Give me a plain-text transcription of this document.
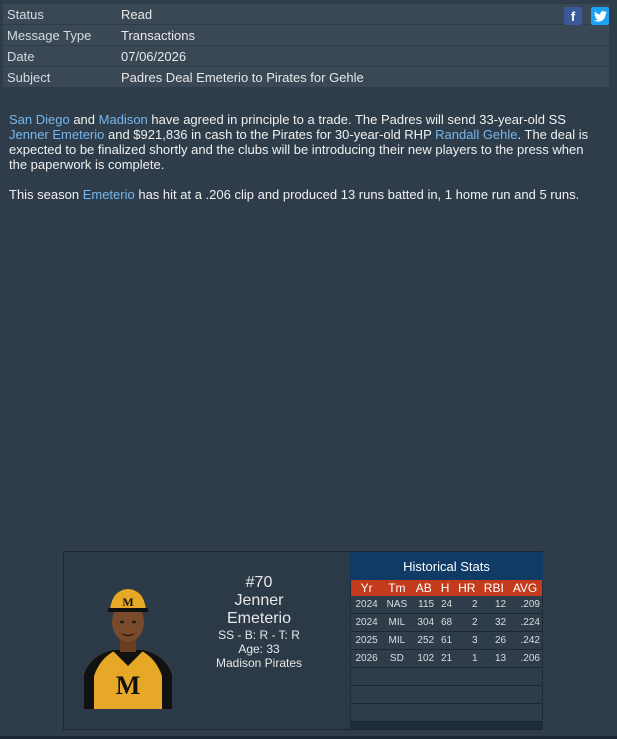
Status	Read
Message Type	Transactions
Date	07/06/2026
Subject	Padres Deal Emeterio to Pirates for Gehle
f

San Diego and Madison have agreed in principle to a trade. The Padres will send 33-year-old SS Jenner Emeterio and $921,836 in cash to the Pirates for 30-year-old RHP Randall Gehle. The deal is expected to be finalized shortly and the clubs will be introducing their new players to the press when the paperwork is complete.

This season Emeterio has hit at a .206 clip and produced 13 runs batted in, 1 home run and 5 runs.

M
M
#70
Jenner
Emeterio
SS - B: R - T: R
Age: 33
Madison Pirates
Historical Stats
Yr	Tm	AB	H	HR	RBI	AVG
2024	NAS	115	24	2	12	.209
2024	MIL	304	68	2	32	.224
2025	MIL	252	61	3	26	.242
2026	SD	102	21	1	13	.206
